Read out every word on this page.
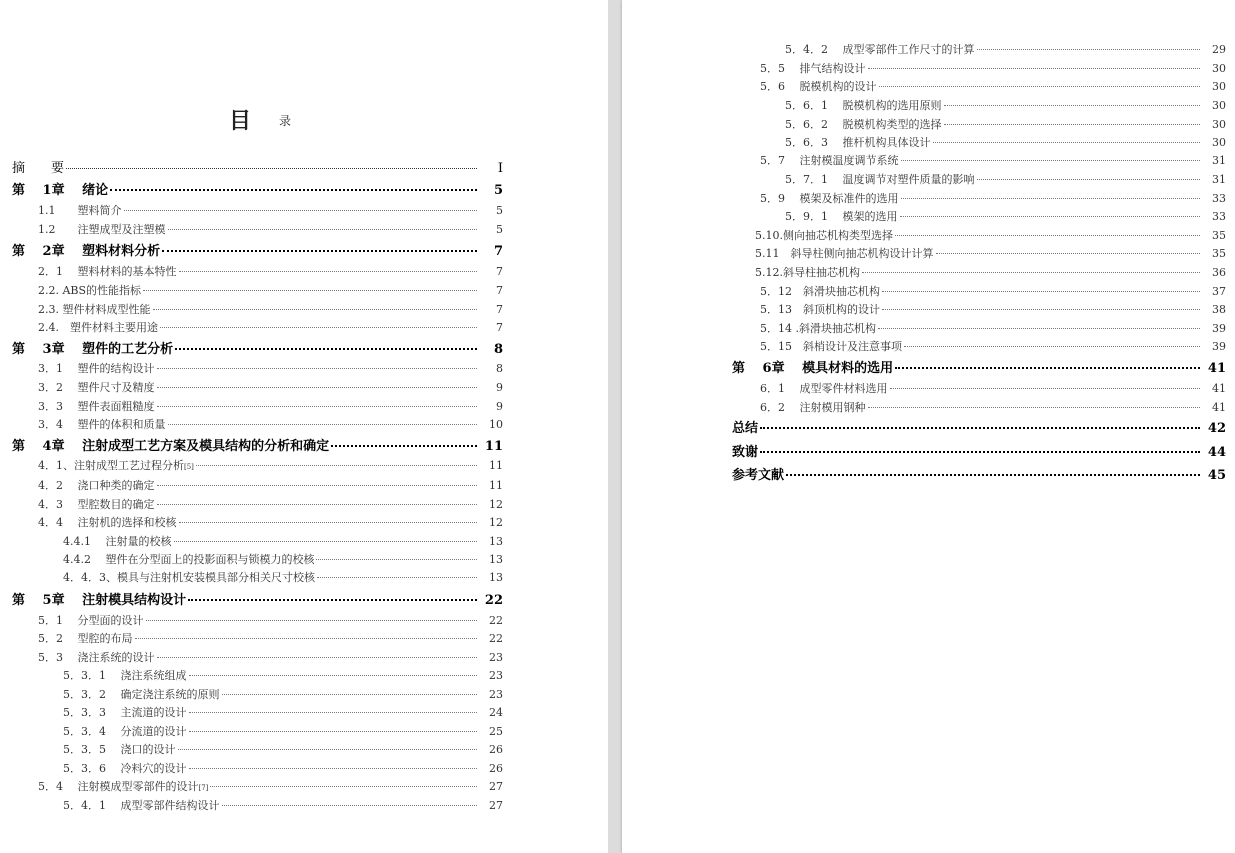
目录
摘　　要	I
第　 1章　 绪论	5
1.1　　塑料简介	5
1.2　　注塑成型及注塑模	5
第　 2章　 塑料材料分析	7
2．1　 塑料材料的基本特性	7
2.2. ABS的性能指标	7
2.3. 塑件材料成型性能	7
2.4.　塑件材料主要用途	7
第　 3章　 塑件的工艺分析	8
3．1　 塑件的结构设计	8
3．2　 塑件尺寸及精度	9
3．3　 塑件表面粗糙度	9
3．4　 塑件的体积和质量	10
第　 4章　 注射成型工艺方案及模具结构的分析和确定	11
4．1、注射成型工艺过程分析 [5]	11
4．2　 浇口种类的确定	11
4．3　 型腔数目的确定	12
4．4　 注射机的选择和校核	12
4.4.1　 注射量的校核	13
4.4.2　 塑件在分型面上的投影面积与锁模力的校核	13
4．4．3、模具与注射机安装模具部分相关尺寸校核	13
第　 5章　 注射模具结构设计	22
5．1　 分型面的设计	22
5．2　 型腔的布局	22
5．3　 浇注系统的设计	23
5．3．1　 浇注系统组成	23
5．3．2　 确定浇注系统的原则	23
5．3．3　 主流道的设计	24
5．3．4　 分流道的设计	25
5．3．5　 浇口的设计	26
5．3．6　 冷料穴的设计	26
5．4　 注射模成型零部件的设计 [7]	27
5．4．1　 成型零部件结构设计	27
5．4．2　 成型零部件工作尺寸的计算	29
5．5　 排气结构设计	30
5．6　 脱模机构的设计	30
5．6．1　 脱模机构的选用原则	30
5．6．2　 脱模机构类型的选择	30
5．6．3　 推杆机构具体设计	30
5．7　 注射模温度调节系统	31
5．7．1　 温度调节对塑件质量的影响	31
5．9　 模架及标准件的选用	33
5．9．1　 模架的选用	33
5.10.侧向抽芯机构类型选择	35
5.11　斜导柱侧向抽芯机构设计计算	35
5.12.斜导柱抽芯机构	36
5．12　斜滑块抽芯机构	37
5．13　斜顶机构的设计	38
5．14 .斜滑块抽芯机构	39
5．15　斜梢设计及注意事项	39
第　 6章　 模具材料的选用	41
6．1　 成型零件材料选用	41
6．2　 注射模用钢种	41
总结	42
致谢	44
参考文献	45
